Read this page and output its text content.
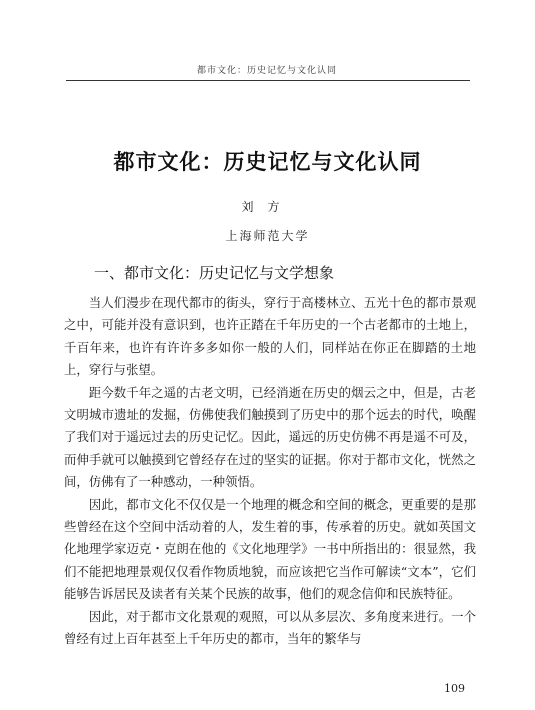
都市文化：历史记忆与文化认同
都市文化：历史记忆与文化认同
刘方
上海师范大学
一、都市文化：历史记忆与文学想象

当人们漫步在现代都市的街头，穿行于高楼林立、五光十色的都市景观之中，可能并没有意识到，也许正踏在千年历史的一个古老都市的土地上，千百年来，也许有许许多多如你一般的人们，同样站在你正在脚踏的土地上，穿行与张望。

距今数千年之遥的古老文明，已经消逝在历史的烟云之中，但是，古老文明城市遗址的发掘，仿佛使我们触摸到了历史中的那个远去的时代，唤醒了我们对于遥远过去的历史记忆。因此，遥远的历史仿佛不再是遥不可及，而伸手就可以触摸到它曾经存在过的坚实的证据。你对于都市文化，恍然之间，仿佛有了一种感动，一种领悟。

因此，都市文化不仅仅是一个地理的概念和空间的概念，更重要的是那些曾经在这个空间中活动着的人，发生着的事，传承着的历史。就如英国文化地理学家迈克・克朗在他的《文化地理学》一书中所指出的：很显然，我们不能把地理景观仅仅看作物质地貌，而应该把它当作可解读“文本”，它们能够告诉居民及读者有关某个民族的故事，他们的观念信仰和民族特征。

因此，对于都市文化景观的观照，可以从多层次、多角度来进行。一个曾经有过上百年甚至上千年历史的都市，当年的繁华与

109
